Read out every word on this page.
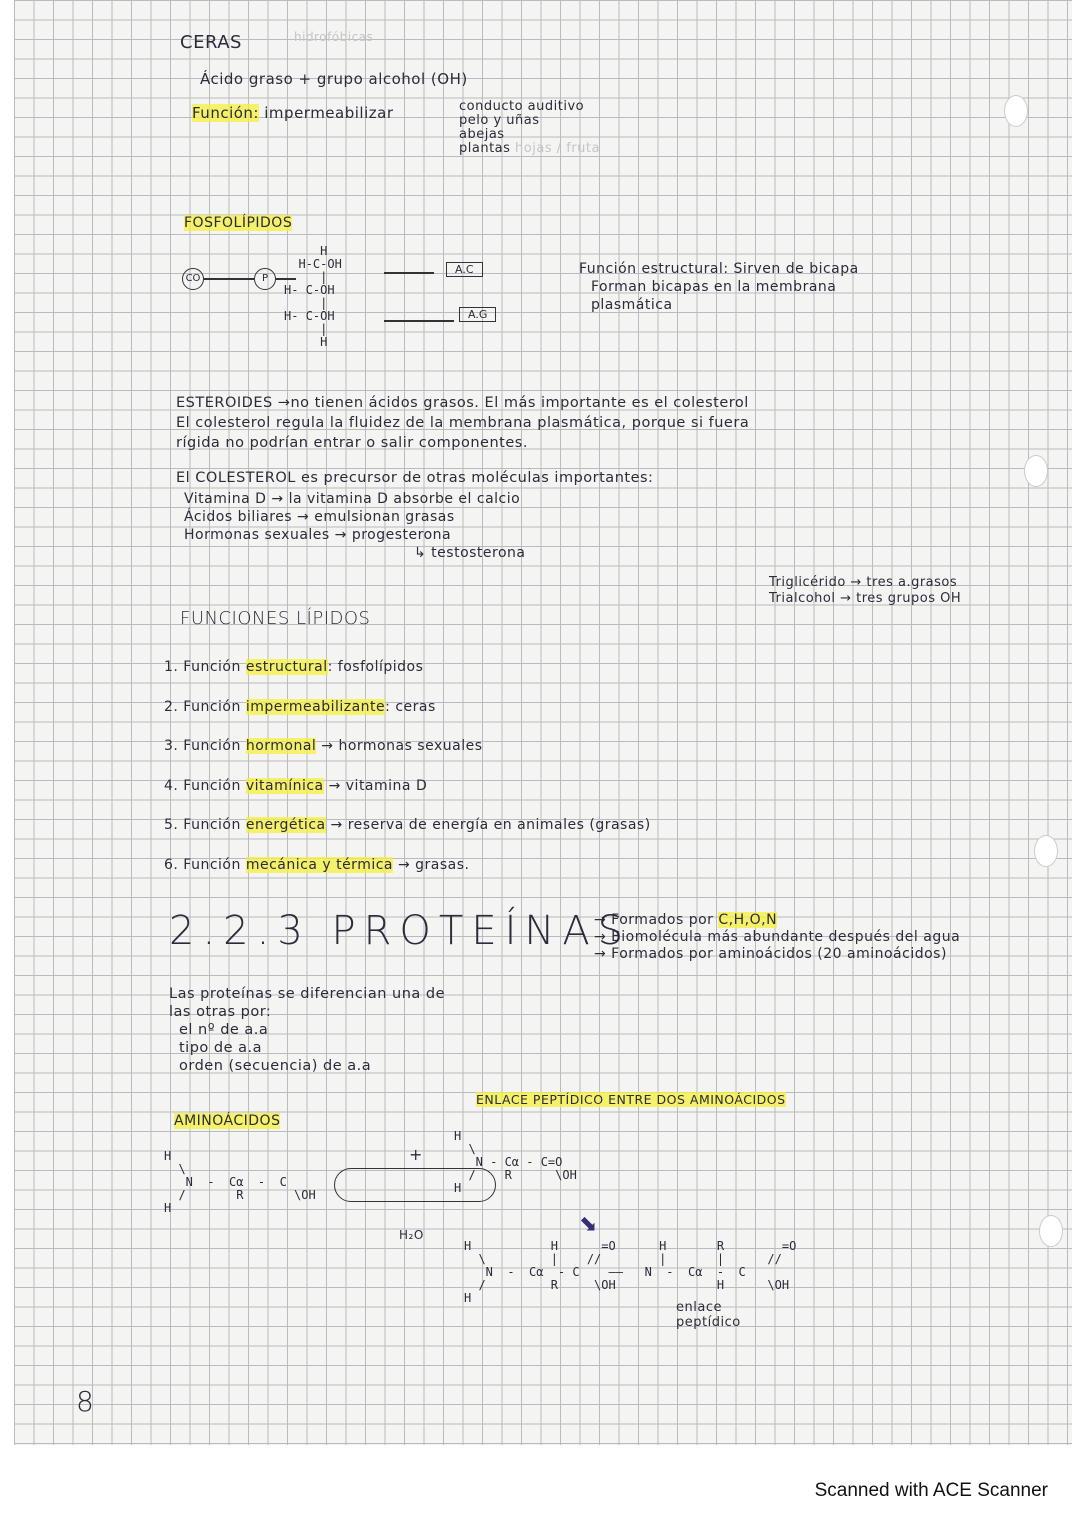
CERAS	hidrofóbicas
Ácido graso + grupo alcohol (OH)
Función: impermeabilizar	conducto auditivo
pelo y uñas
abejas
plantas hojas / fruta
FOSFOLÍPIDOS
CO	P
H
H-C-OH
|
H- C-OH
|
H- C-OH
|
H
A.C
A.G
Función estructural: Sirven de bicapa
Forman bicapas en la membrana
plasmática
ESTEROIDES →no tienen ácidos grasos. El más importante es el colesterol
El colesterol regula la fluidez de la membrana plasmática, porque si fuera
rígida no podrían entrar o salir componentes.
El COLESTEROL es precursor de otras moléculas importantes:
Vitamina D → la vitamina D absorbe el calcio
Ácidos biliares → emulsionan grasas
Hormonas sexuales → progesterona
↳ testosterona
Triglicérido → tres a.grasos
Trialcohol → tres grupos OH
FUNCIONES LÍPIDOS
1. Función estructural: fosfolípidos
2. Función impermeabilizante: ceras
3. Función hormonal → hormonas sexuales
4. Función vitamínica → vitamina D
5. Función energética → reserva de energía en animales (grasas)
6. Función mecánica y térmica → grasas.
2.2.3 PROTEÍNAS
→ Formados por C,H,O,N
→ Biomolécula más abundante después del agua
→ Formados por aminoácidos (20 aminoácidos)
Las proteínas se diferencian una de
las otras por:
el nº de a.a
tipo de a.a
orden (secuencia) de a.a
AMINOÁCIDOS
ENLACE PEPTÍDICO ENTRE DOS AMINOÁCIDOS
H
\
N  -  Cα  -  C
/       R       \OH
H
+
H
\
N - Cα - C=O
/    R      \OH
H
H₂O	⬊
H           H      =O      H       R        =O
\         |    //        |       |      //
N  -  Cα  - C    ——   N  -  Cα  -  C
/         R     \OH              H      \OH
H
enlace
peptídico
8
Scanned with ACE Scanner
